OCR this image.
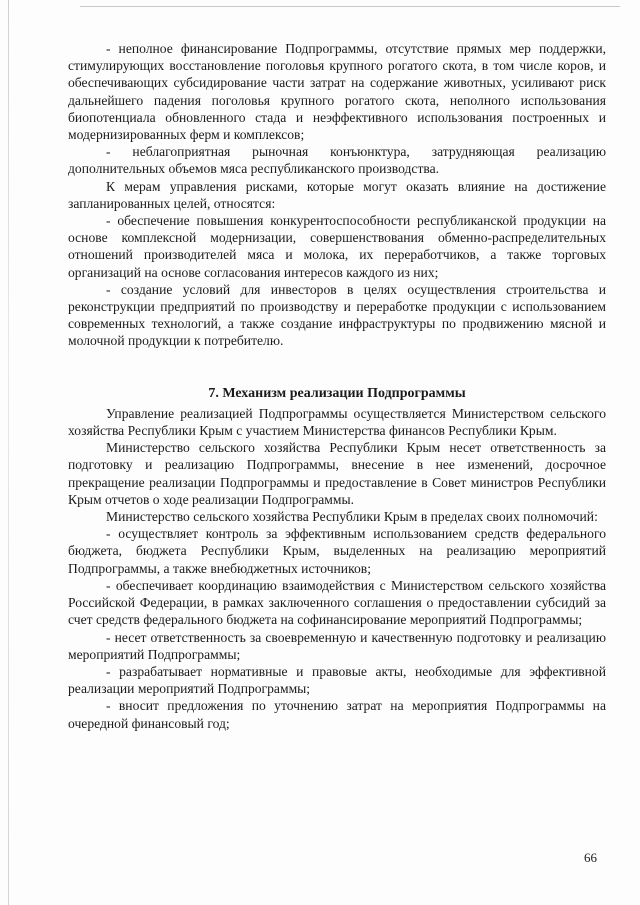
- неполное финансирование Подпрограммы, отсутствие прямых мер поддержки, стимулирующих восстановление поголовья крупного рогатого скота, в том числе коров, и обеспечивающих субсидирование части затрат на содержание животных, усиливают риск дальнейшего падения поголовья крупного рогатого скота, неполного использования биопотенциала обновленного стада и неэффективного использования построенных и модернизированных ферм и комплексов;

- неблагоприятная рыночная конъюнктура, затрудняющая реализацию дополнительных объемов мяса республиканского производства.

К мерам управления рисками, которые могут оказать влияние на достижение запланированных целей, относятся:

- обеспечение повышения конкурентоспособности республиканской продукции на основе комплексной модернизации, совершенствования обменно-распределительных отношений производителей мяса и молока, их переработчиков, а также торговых организаций на основе согласования интересов каждого из них;

- создание условий для инвесторов в целях осуществления строительства и реконструкции предприятий по производству и переработке продукции с использованием современных технологий, а также создание инфраструктуры по продвижению мясной и молочной продукции к потребителю.

7. Механизм реализации Подпрограммы

Управление реализацией Подпрограммы осуществляется Министерством сельского хозяйства Республики Крым с участием Министерства финансов Республики Крым.

Министерство сельского хозяйства Республики Крым несет ответственность за подготовку и реализацию Подпрограммы, внесение в нее изменений, досрочное прекращение реализации Подпрограммы и предоставление в Совет министров Республики Крым отчетов о ходе реализации Подпрограммы.

Министерство сельского хозяйства Республики Крым в пределах своих полномочий:

- осуществляет контроль за эффективным использованием средств федерального бюджета, бюджета Республики Крым, выделенных на реализацию мероприятий Подпрограммы, а также внебюджетных источников;

- обеспечивает координацию взаимодействия с Министерством сельского хозяйства Российской Федерации, в рамках заключенного соглашения о предоставлении субсидий за счет средств федерального бюджета на софинансирование мероприятий Подпрограммы;

- несет ответственность за своевременную и качественную подготовку и реализацию мероприятий Подпрограммы;

- разрабатывает нормативные и правовые акты, необходимые для эффективной реализации мероприятий Подпрограммы;

- вносит предложения по уточнению затрат на мероприятия Подпрограммы на очередной финансовый год;

66
